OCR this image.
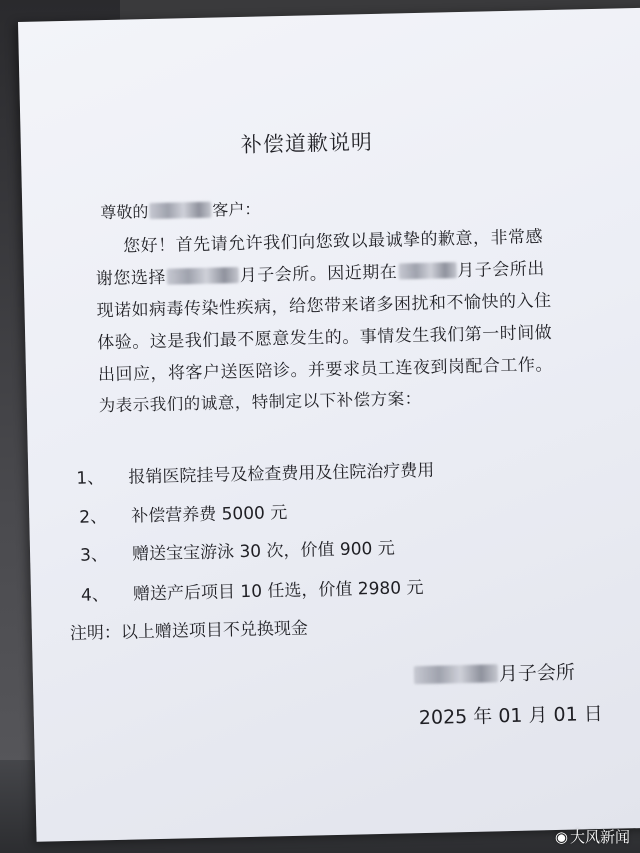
补偿道歉说明
尊敬的	客户：
您好！首先请允许我们向您致以最诚挚的歉意，非常感
谢您选择	月子会所。因近期在	月子会所出
现诺如病毒传染性疾病，给您带来诸多困扰和不愉快的入住
体验。这是我们最不愿意发生的。事情发生我们第一时间做
出回应，将客户送医陪诊。并要求员工连夜到岗配合工作。
为表示我们的诚意，特制定以下补偿方案：
1、 报销医院挂号及检查费用及住院治疗费用
2、 补偿营养费 5000 元
3、 赠送宝宝游泳 30 次，价值 900 元
4、 赠送产后项目 10 任选，价值 2980 元
注明：以上赠送项目不兑换现金
月子会所
2025 年 01 月 01 日
◉ 大风新闻
